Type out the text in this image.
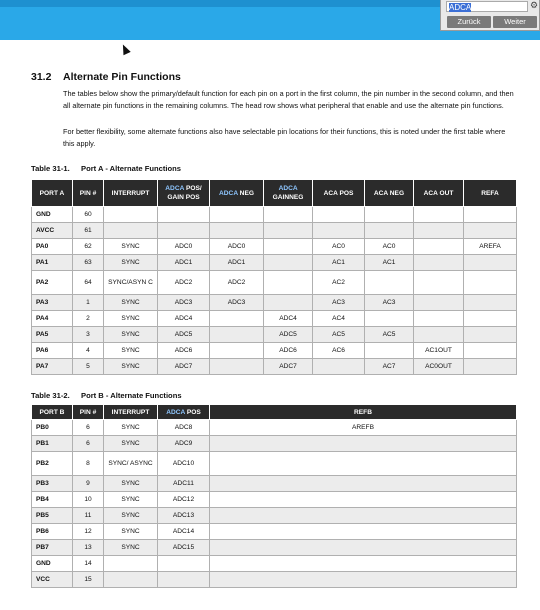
ADCA	⚙
Zurück	Weiter
31.2 Alternate Pin Functions

The tables below show the primary/default function for each pin on a port in the first column, the pin number in the second column, and then all alternate pin functions in the remaining columns. The head row shows what peripheral that enable and use the alternate pin functions.

For better flexibility, some alternate functions also have selectable pin locations for their functions, this is noted under the first table where this apply.

Table 31-1. Port A - Alternate Functions

PORT A	PIN #	INTERRUPT	ADCA POS/ GAIN POS	ADCA NEG	ADCA GAINNEG	ACA POS	ACA NEG	ACA OUT	REFA
GND	60								
AVCC	61								
PA0	62	SYNC	ADC0	ADC0		AC0	AC0		AREFA
PA1	63	SYNC	ADC1	ADC1		AC1	AC1		
PA2	64	SYNC/ASYN C	ADC2	ADC2		AC2			
PA3	1	SYNC	ADC3	ADC3		AC3	AC3		
PA4	2	SYNC	ADC4		ADC4	AC4			
PA5	3	SYNC	ADC5		ADC5	AC5	AC5		
PA6	4	SYNC	ADC6		ADC6	AC6		AC1OUT	
PA7	5	SYNC	ADC7		ADC7		AC7	AC0OUT	

Table 31-2. Port B - Alternate Functions

PORT B	PIN #	INTERRUPT	ADCA POS	REFB
PB0	6	SYNC	ADC8	AREFB
PB1	6	SYNC	ADC9	
PB2	8	SYNC/ ASYNC	ADC10	
PB3	9	SYNC	ADC11	
PB4	10	SYNC	ADC12	
PB5	11	SYNC	ADC13	
PB6	12	SYNC	ADC14	
PB7	13	SYNC	ADC15	
GND	14			
VCC	15			
